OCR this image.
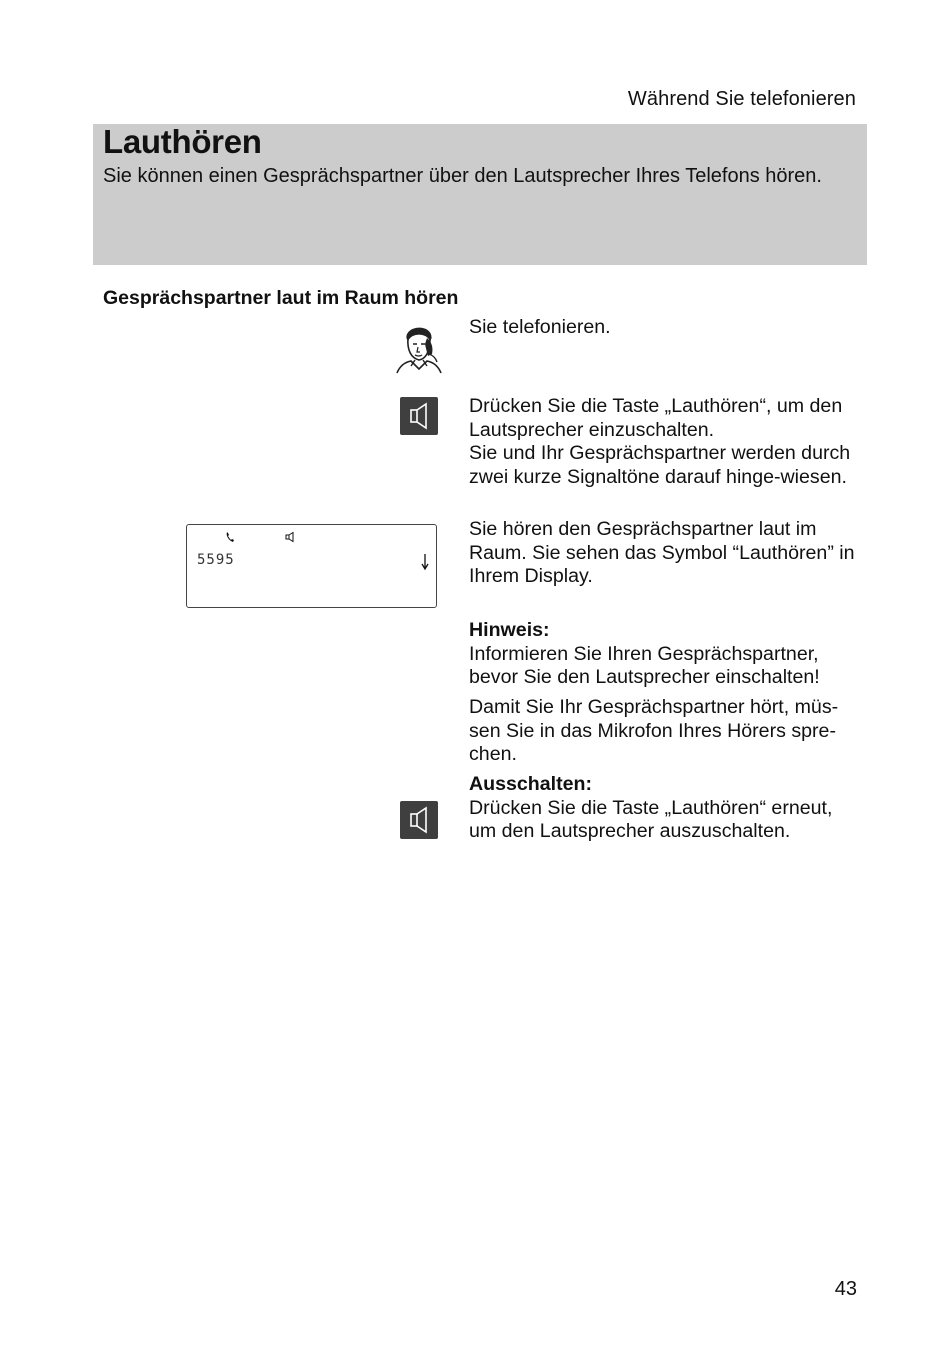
Während Sie telefonieren
Lauthören

Sie können einen Gesprächspartner über den Lautsprecher Ihres Telefons hören.

Gesprächspartner laut im Raum hören

Sie telefonieren.

Drücken Sie die Taste „Lauthören“, um den Lautsprecher einzuschalten.

Sie und Ihr Gesprächspartner werden durch zwei kurze Signaltöne darauf hinge-wiesen.

5595

Sie hören den Gesprächspartner laut im Raum. Sie sehen das Symbol “Lauthören” in Ihrem Display.

Hinweis:
Informieren Sie Ihren Gesprächspartner, bevor Sie den Lautsprecher einschalten!

Damit Sie Ihr Gesprächspartner hört, müs-sen Sie in das Mikrofon Ihres Hörers spre-chen.

Ausschalten:
Drücken Sie die Taste „Lauthören“ erneut, um den Lautsprecher auszuschalten.
43
